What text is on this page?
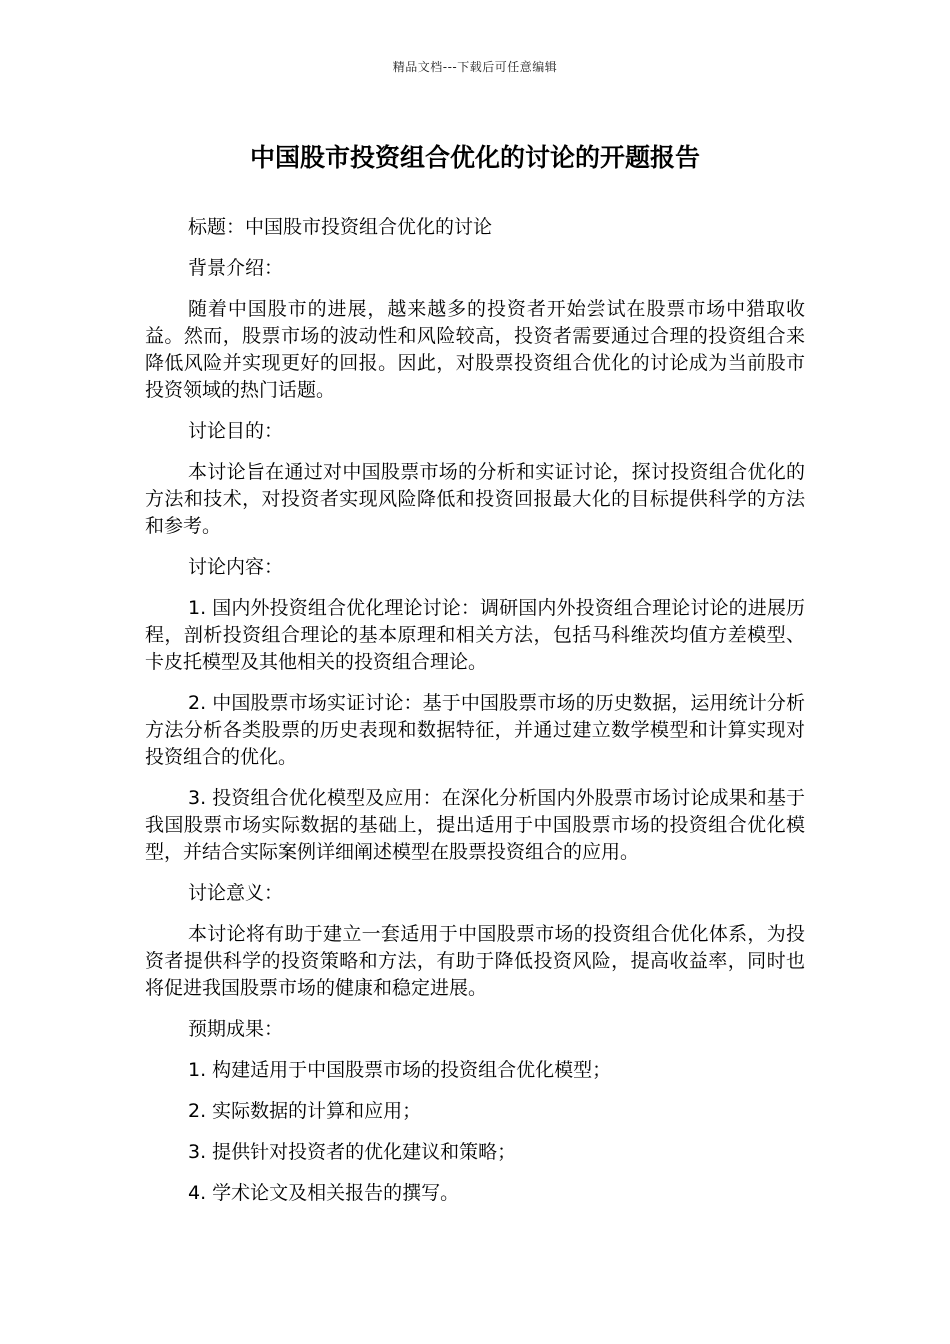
精品文档---下载后可任意编辑
中国股市投资组合优化的讨论的开题报告

标题：中国股市投资组合优化的讨论

背景介绍：

随着中国股市的进展，越来越多的投资者开始尝试在股票市场中猎取收益。然而，股票市场的波动性和风险较高，投资者需要通过合理的投资组合来降低风险并实现更好的回报。因此，对股票投资组合优化的讨论成为当前股市投资领域的热门话题。

讨论目的：

本讨论旨在通过对中国股票市场的分析和实证讨论，探讨投资组合优化的方法和技术，对投资者实现风险降低和投资回报最大化的目标提供科学的方法和参考。

讨论内容：

1. 国内外投资组合优化理论讨论：调研国内外投资组合理论讨论的进展历程，剖析投资组合理论的基本原理和相关方法，包括马科维茨均值方差模型、卡皮托模型及其他相关的投资组合理论。

2. 中国股票市场实证讨论：基于中国股票市场的历史数据，运用统计分析方法分析各类股票的历史表现和数据特征，并通过建立数学模型和计算实现对投资组合的优化。

3. 投资组合优化模型及应用：在深化分析国内外股票市场讨论成果和基于我国股票市场实际数据的基础上，提出适用于中国股票市场的投资组合优化模型，并结合实际案例详细阐述模型在股票投资组合的应用。

讨论意义：

本讨论将有助于建立一套适用于中国股票市场的投资组合优化体系，为投资者提供科学的投资策略和方法，有助于降低投资风险，提高收益率，同时也将促进我国股票市场的健康和稳定进展。

预期成果：

1. 构建适用于中国股票市场的投资组合优化模型；

2. 实际数据的计算和应用；

3. 提供针对投资者的优化建议和策略；

4. 学术论文及相关报告的撰写。
